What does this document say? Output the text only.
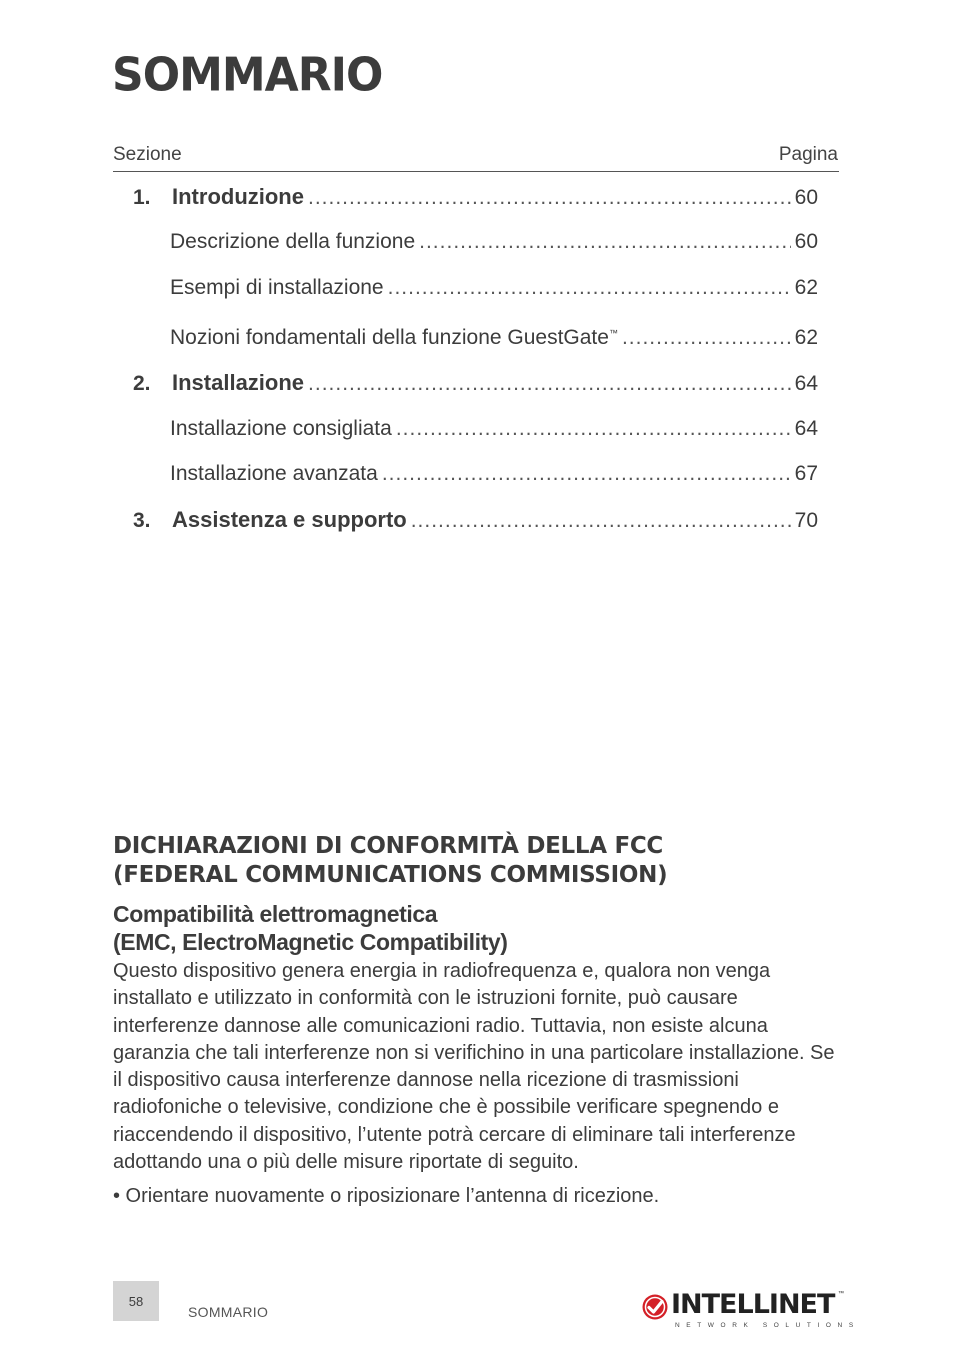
SOMMARIO
Sezione	Pagina
1. Introduzione .....	60
Descrizione della funzione .....	60
Esempi di installazione .....	62
Nozioni fondamentali della funzione GuestGate™ .....	62
2. Installazione .....	64
Installazione consigliata .....	64
Installazione avanzata .....	67
3. Assistenza e supporto .....	70
DICHIARAZIONI DI CONFORMITÀ DELLA FCC
(FEDERAL COMMUNICATIONS COMMISSION)
Compatibilità elettromagnetica
(EMC, ElectroMagnetic Compatibility)

Questo dispositivo genera energia in radiofrequenza e, qualora non venga installato e utilizzato in conformità con le istruzioni fornite, può causare interferenze dannose alle comunicazioni radio. Tuttavia, non esiste alcuna garanzia che tali interferenze non si verifichino in una particolare installazione. Se il dispositivo causa interferenze dannose nella ricezione di trasmissioni radiofoniche o televisive, condizione che è possibile verificare spegnendo e riaccendendo il dispositivo, l’utente potrà cercare di eliminare tali interferenze adottando una o più delle misure riportate di seguito.

• Orientare nuovamente o riposizionare l’antenna di ricezione.

58
SOMMARIO	INTELLINET ™
NETWORK SOLUTIONS
